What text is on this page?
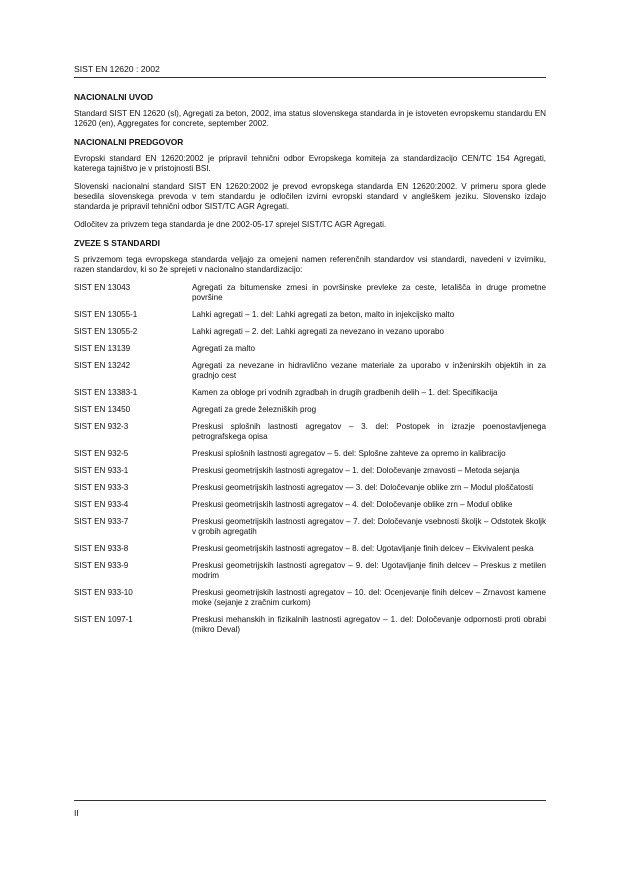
SIST EN 12620 : 2002
NACIONALNI UVOD

Standard SIST EN 12620 (sl), Agregati za beton, 2002, ima status slovenskega standarda in je istoveten evropskemu standardu EN 12620 (en), Aggregates for concrete, september 2002.

NACIONALNI PREDGOVOR

Evropski standard EN 12620:2002 je pripravil tehnični odbor Evropskega komiteja za standardizacijo CEN/TC 154 Agregati, katerega tajništvo je v pristojnosti BSI.

Slovenski nacionalni standard SIST EN 12620:2002 je prevod evropskega standarda EN 12620:2002. V primeru spora glede besedila slovenskega prevoda v tem standardu je odločilen izvirni evropski standard v angleškem jeziku. Slovensko izdajo standarda je pripravil tehnični odbor SIST/TC AGR Agregati.

Odločitev za privzem tega standarda je dne 2002-05-17 sprejel SIST/TC AGR Agregati.

ZVEZE S STANDARDI

S privzemom tega evropskega standarda veljajo za omejeni namen referenčnih standardov vsi standardi, navedeni v izvirniku, razen standardov, ki so že sprejeti v nacionalno standardizacijo:

SIST EN 13043	Agregati za bitumenske zmesi in površinske prevleke za ceste, letališča in druge prometne površine
SIST EN 13055-1	Lahki agregati – 1. del: Lahki agregati za beton, malto in injekcijsko malto
SIST EN 13055-2	Lahki agregati – 2. del: Lahki agregati za nevezano in vezano uporabo
SIST EN 13139	Agregati za malto
SIST EN 13242	Agregati za nevezane in hidravlično vezane materiale za uporabo v inženirskih objektih in za gradnjo cest
SIST EN 13383-1	Kamen za obloge pri vodnih zgradbah in drugih gradbenih delih – 1. del: Specifikacija
SIST EN 13450	Agregati za grede železniških prog
SIST EN 932-3	Preskusi splošnih lastnosti agregatov – 3. del: Postopek in izrazje poenostavljenega petrografskega opisa
SIST EN 932-5	Preskusi splošnih lastnosti agregatov – 5. del: Splošne zahteve za opremo in kalibracijo
SIST EN 933-1	Preskusi geometrijskih lastnosti agregatov – 1. del: Določevanje zrnavosti – Metoda sejanja
SIST EN 933-3	Preskusi geometrijskih lastnosti agregatov — 3. del: Določevanje oblike zrn – Modul ploščatosti
SIST EN 933-4	Preskusi geometrijskih lastnosti agregatov – 4. del: Določevanje oblike zrn – Modul oblike
SIST EN 933-7	Preskusi geometrijskih lastnosti agregatov – 7. del: Določevanje vsebnosti školjk – Odstotek školjk v grobih agregatih
SIST EN 933-8	Preskusi geometrijskih lastnosti agregatov – 8. del: Ugotavljanje finih delcev – Ekvivalent peska
SIST EN 933-9	Preskusi geometrijskih lastnosti agregatov – 9. del: Ugotavljanje finih delcev – Preskus z metilen modrim
SIST EN 933-10	Preskusi geometrijskih lastnosti agregatov – 10. del: Ocenjevanje finih delcev – Zrnavost kamene moke (sejanje z zračnim curkom)
SIST EN 1097-1	Preskusi mehanskih in fizikalnih lastnosti agregatov – 1. del: Določevanje odpornosti proti obrabi (mikro Deval)
II
